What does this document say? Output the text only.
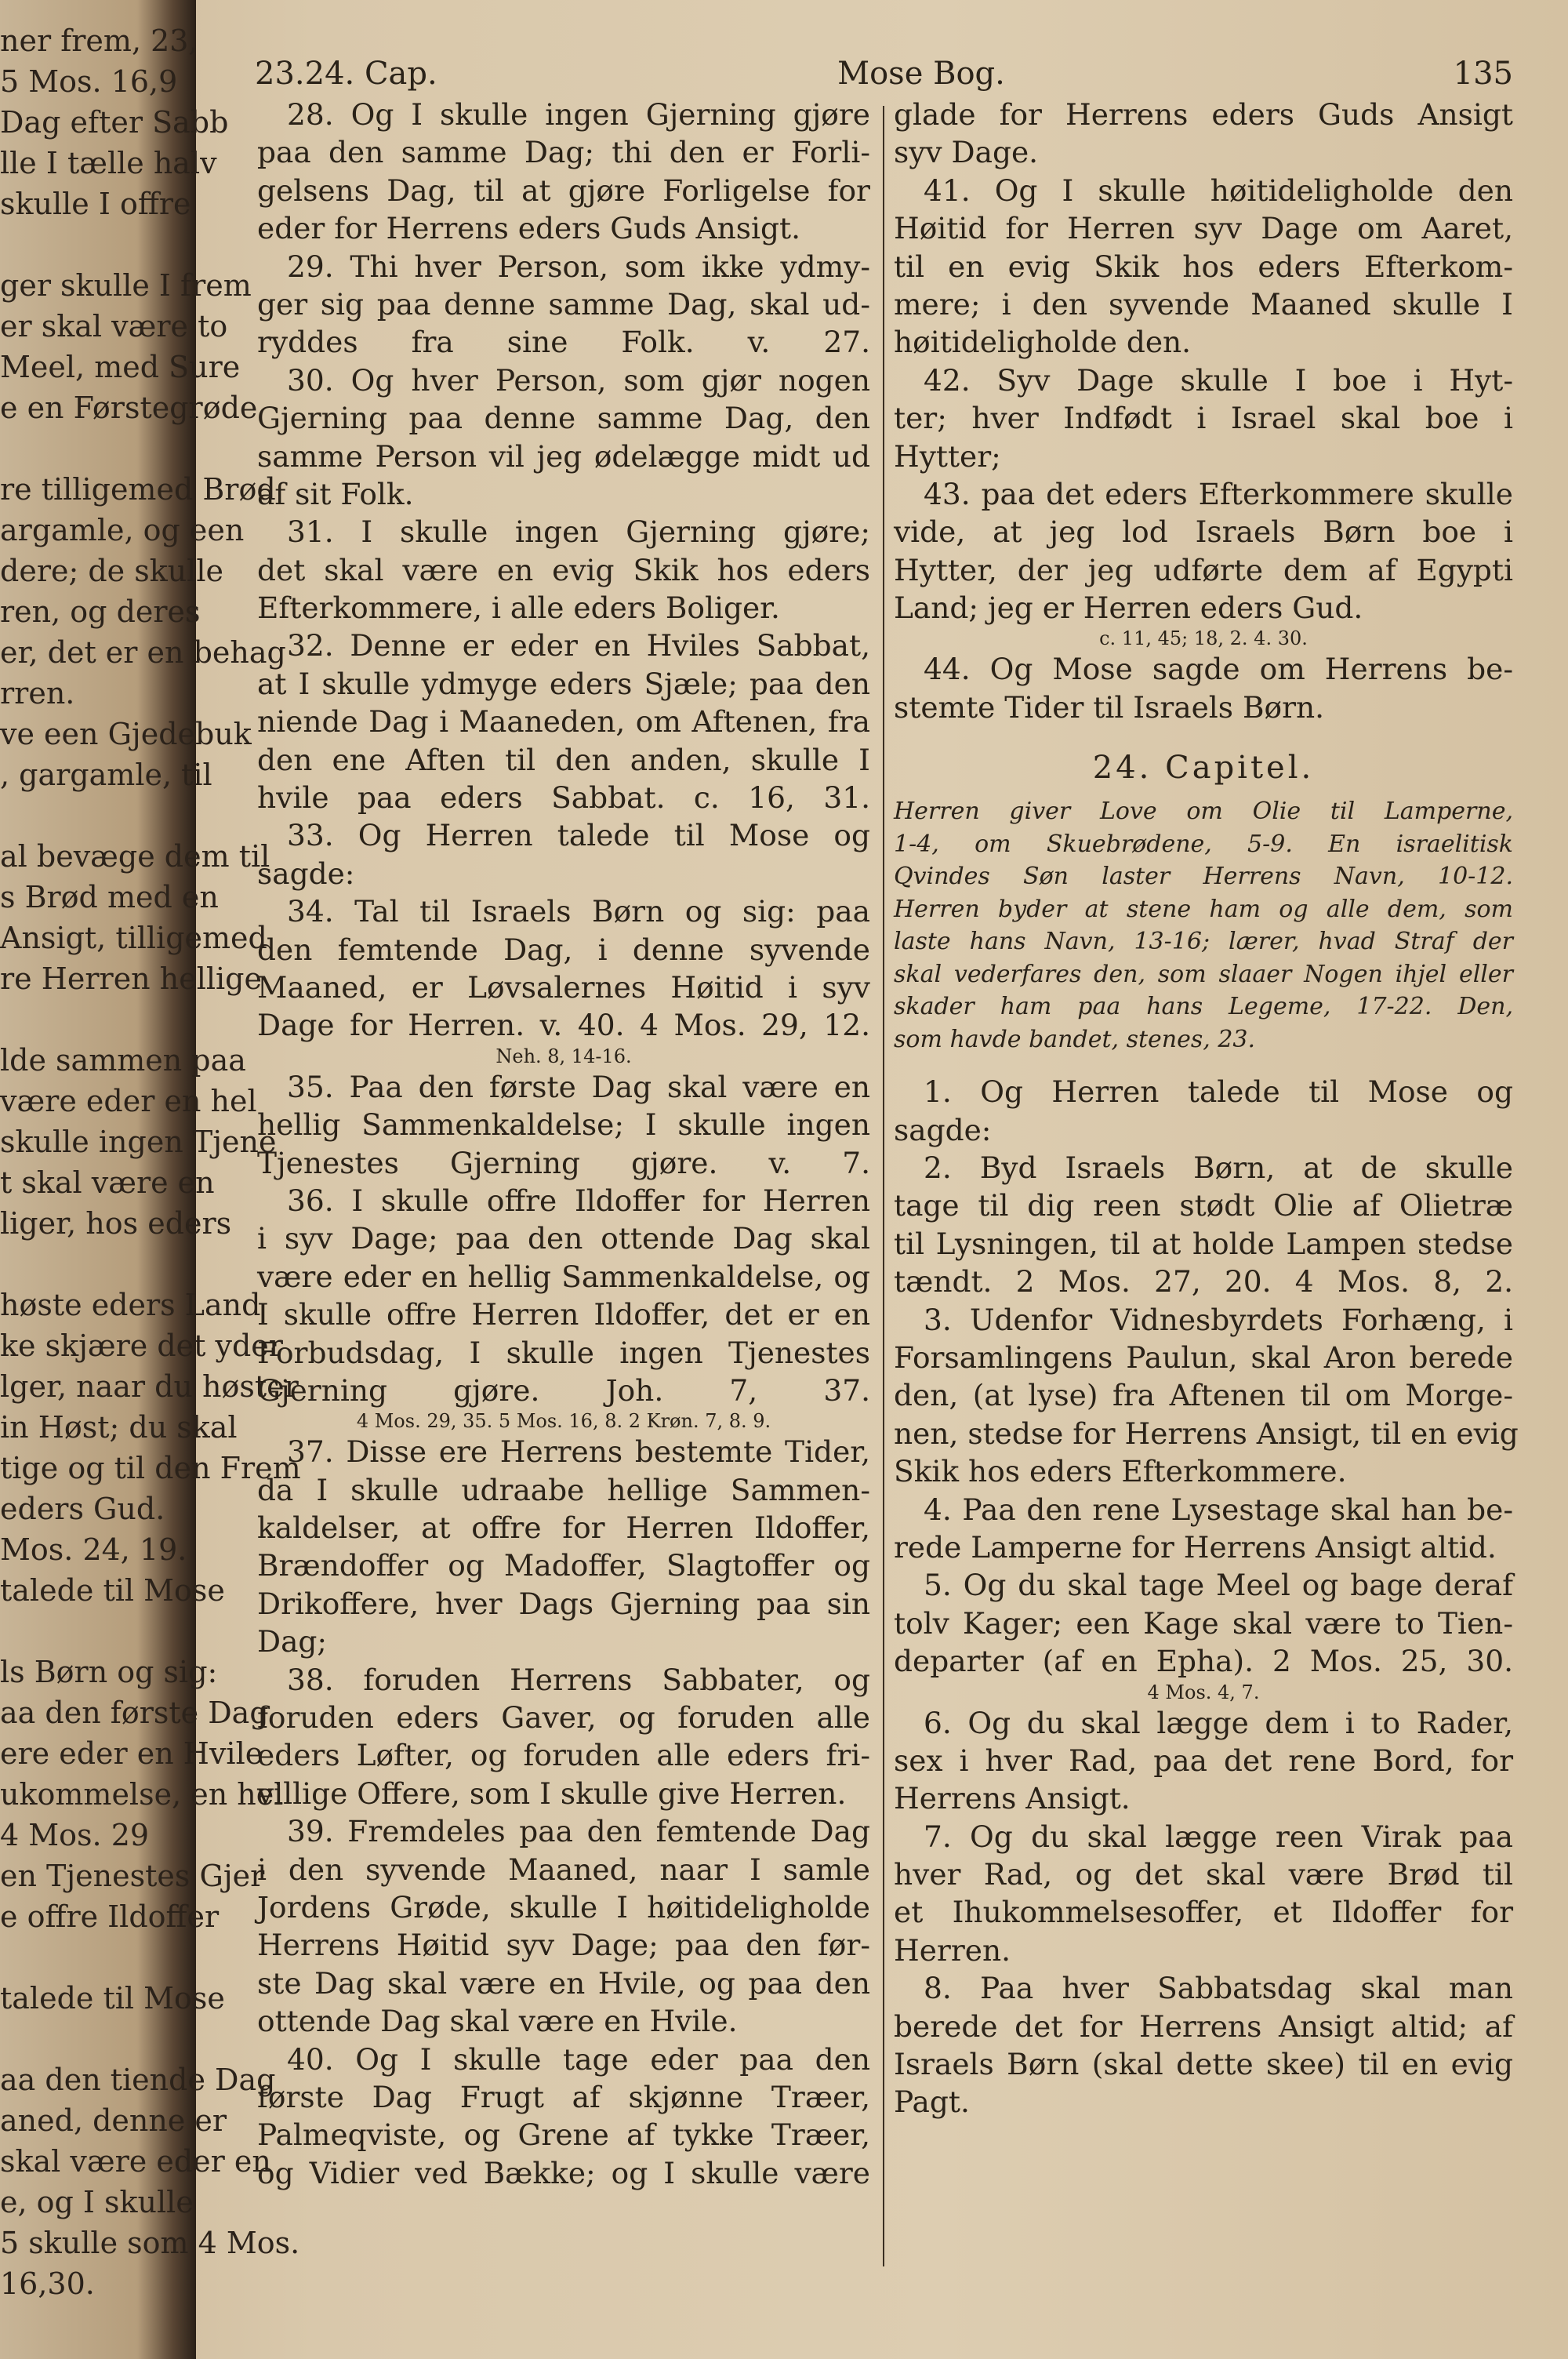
ner frem, 23,
5 Mos. 16,9
Dag efter Sabb
lle I tælle halv
skulle I offre
ger skulle I frem
er skal være to
Meel, med Sure
e en Førstegrøde
re tilligemed Brød
argamle, og een
dere; de skulle
ren, og deres
er, det er en behag
rren.
ve een Gjedebuk
, gargamle, til
al bevæge dem til
s Brød med en
Ansigt, tilligemed
re Herren hellige
lde sammen paa
være eder en hel
skulle ingen Tjene
t skal være en
liger, hos eders
høste eders Land
ke skjære det yder
lger, naar du høster
in Høst; du skal
tige og til den Frem
eders Gud.
Mos. 24, 19.
talede til Mose
ls Børn og sig:
aa den første Dag
ere eder en Hvile
ukommelse, en hel
4 Mos. 29
en Tjenestes Gjer
e offre Ildoffer
talede til Mose
aa den tiende Dag
aned, denne er
skal være eder en
e, og I skulle
5 skulle som 4 Mos.
16,30.
23.24. Cap.	Mose Bog.	135
28. Og I skulle ingen Gjerning gjøre
paa den samme Dag; thi den er Forli-
gelsens Dag, til at gjøre Forligelse for
eder for Herrens eders Guds Ansigt.
29. Thi hver Person, som ikke ydmy-
ger sig paa denne samme Dag, skal ud-
ryddes fra sine Folk. v. 27.
30. Og hver Person, som gjør nogen
Gjerning paa denne samme Dag, den
samme Person vil jeg ødelægge midt ud
af sit Folk.
31. I skulle ingen Gjerning gjøre;
det skal være en evig Skik hos eders
Efterkommere, i alle eders Boliger.
32. Denne er eder en Hviles Sabbat,
at I skulle ydmyge eders Sjæle; paa den
niende Dag i Maaneden, om Aftenen, fra
den ene Aften til den anden, skulle I
hvile paa eders Sabbat. c. 16, 31.
33. Og Herren talede til Mose og
sagde:
34. Tal til Israels Børn og sig: paa
den femtende Dag, i denne syvende
Maaned, er Løvsalernes Høitid i syv
Dage for Herren. v. 40. 4 Mos. 29, 12.
Neh. 8, 14-16.
35. Paa den første Dag skal være en
hellig Sammenkaldelse; I skulle ingen
Tjenestes Gjerning gjøre. v. 7.
36. I skulle offre Ildoffer for Herren
i syv Dage; paa den ottende Dag skal
være eder en hellig Sammenkaldelse, og
I skulle offre Herren Ildoffer, det er en
Forbudsdag, I skulle ingen Tjenestes
Gjerning gjøre. Joh. 7, 37.
4 Mos. 29, 35. 5 Mos. 16, 8. 2 Krøn. 7, 8. 9.
37. Disse ere Herrens bestemte Tider,
da I skulle udraabe hellige Sammen-
kaldelser, at offre for Herren Ildoffer,
Brændoffer og Madoffer, Slagtoffer og
Drikoffere, hver Dags Gjerning paa sin
Dag;
38. foruden Herrens Sabbater, og
foruden eders Gaver, og foruden alle
eders Løfter, og foruden alle eders fri-
villige Offere, som I skulle give Herren.
39. Fremdeles paa den femtende Dag
i den syvende Maaned, naar I samle
Jordens Grøde, skulle I høitideligholde
Herrens Høitid syv Dage; paa den før-
ste Dag skal være en Hvile, og paa den
ottende Dag skal være en Hvile.
40. Og I skulle tage eder paa den
første Dag Frugt af skjønne Træer,
Palmeqviste, og Grene af tykke Træer,
og Vidier ved Bække; og I skulle være
glade for Herrens eders Guds Ansigt
syv Dage.
41. Og I skulle høitideligholde den
Høitid for Herren syv Dage om Aaret,
til en evig Skik hos eders Efterkom-
mere; i den syvende Maaned skulle I
høitideligholde den.
42. Syv Dage skulle I boe i Hyt-
ter; hver Indfødt i Israel skal boe i
Hytter;
43. paa det eders Efterkommere skulle
vide, at jeg lod Israels Børn boe i
Hytter, der jeg udførte dem af Egypti
Land; jeg er Herren eders Gud.
c. 11, 45; 18, 2. 4. 30.
44. Og Mose sagde om Herrens be-
stemte Tider til Israels Børn.
24. Capitel.
Herren giver Love om Olie til Lamperne,
1-4, om Skuebrødene, 5-9. En israelitisk
Qvindes Søn laster Herrens Navn, 10-12.
Herren byder at stene ham og alle dem, som
laste hans Navn, 13-16; lærer, hvad Straf der
skal vederfares den, som slaaer Nogen ihjel eller
skader ham paa hans Legeme, 17-22. Den,
som havde bandet, stenes, 23.
1. Og Herren talede til Mose og
sagde:
2. Byd Israels Børn, at de skulle
tage til dig reen stødt Olie af Olietræ
til Lysningen, til at holde Lampen stedse
tændt. 2 Mos. 27, 20. 4 Mos. 8, 2.
3. Udenfor Vidnesbyrdets Forhæng, i
Forsamlingens Paulun, skal Aron berede
den, (at lyse) fra Aftenen til om Morge-
nen, stedse for Herrens Ansigt, til en evig
Skik hos eders Efterkommere.
4. Paa den rene Lysestage skal han be-
rede Lamperne for Herrens Ansigt altid.
5. Og du skal tage Meel og bage deraf
tolv Kager; een Kage skal være to Tien-
departer (af en Epha). 2 Mos. 25, 30.
4 Mos. 4, 7.
6. Og du skal lægge dem i to Rader,
sex i hver Rad, paa det rene Bord, for
Herrens Ansigt.
7. Og du skal lægge reen Virak paa
hver Rad, og det skal være Brød til
et Ihukommelsesoffer, et Ildoffer for
Herren.
8. Paa hver Sabbatsdag skal man
berede det for Herrens Ansigt altid; af
Israels Børn (skal dette skee) til en evig
Pagt.
